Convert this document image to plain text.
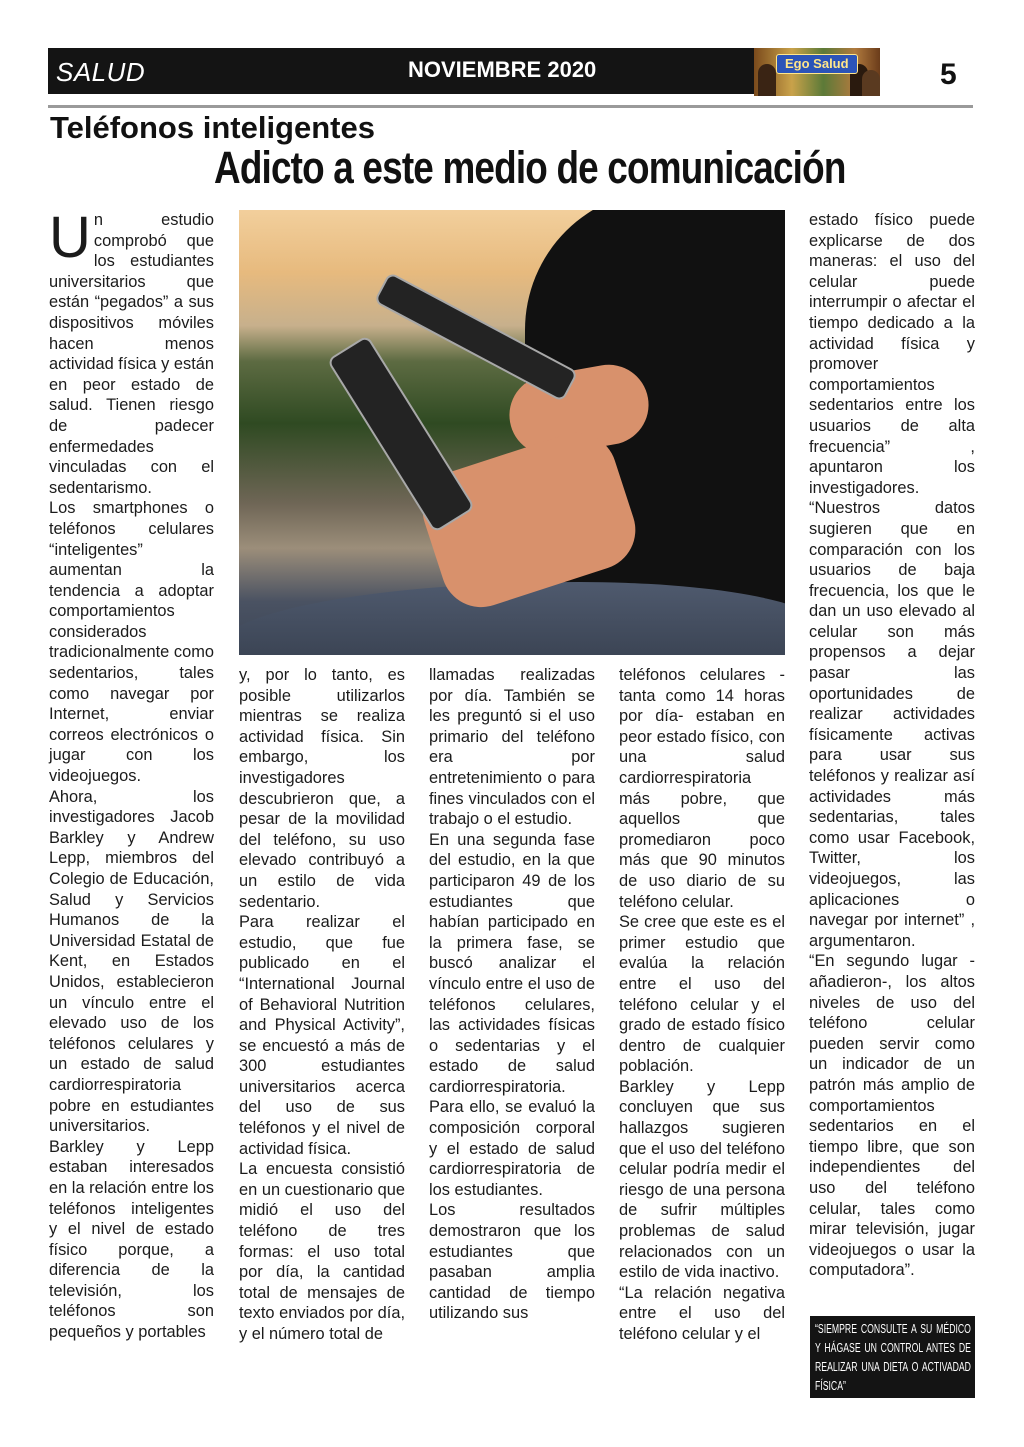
SALUD	NOVIEMBRE 2020	Ego Salud	5
Teléfonos inteligentes
Adicto a este medio de comunicación

Un estudio comprobó que los estudiantes universitarios que están “pegados” a sus dispositivos móviles hacen menos actividad física y están en peor estado de salud. Tienen riesgo de padecer enfermedades vinculadas con el sedentarismo.

Los smartphones o teléfonos celulares “inteligentes” aumentan la tendencia a adoptar comportamientos considerados tradicionalmente como sedentarios, tales como navegar por Internet, enviar correos electrónicos o jugar con los videojuegos.

Ahora, los investigadores Jacob Barkley y Andrew Lepp, miembros del Colegio de Educación, Salud y Servicios Humanos de la Universidad Estatal de Kent, en Estados Unidos, establecieron un vínculo entre el elevado uso de los teléfonos celulares y un estado de salud cardiorrespiratoria pobre en estudiantes universitarios.

Barkley y Lepp estaban interesados en la relación entre los teléfonos inteligentes y el nivel de estado físico porque, a diferencia de la televisión, los teléfonos son pequeños y portables

y, por lo tanto, es posible utilizarlos mientras se realiza actividad física. Sin embargo, los investigadores descubrieron que, a pesar de la movilidad del teléfono, su uso elevado contribuyó a un estilo de vida sedentario.

Para realizar el estudio, que fue publicado en el “International Journal of Behavioral Nutrition and Physical Activity”, se encuestó a más de 300 estudiantes universitarios acerca del uso de sus teléfonos y el nivel de actividad física.

La encuesta consistió en un cuestionario que midió el uso del teléfono de tres formas: el uso total por día, la cantidad total de mensajes de texto enviados por día, y el número total de

llamadas realizadas por día. También se les preguntó si el uso primario del teléfono era por entretenimiento o para fines vinculados con el trabajo o el estudio.

En una segunda fase del estudio, en la que participaron 49 de los estudiantes que habían participado en la primera fase, se buscó analizar el vínculo entre el uso de teléfonos celulares, las actividades físicas o sedentarias y el estado de salud cardiorrespiratoria. Para ello, se evaluó la composición corporal y el estado de salud cardiorrespiratoria de los estudiantes.

Los resultados demostraron que los estudiantes que pasaban amplia cantidad de tiempo utilizando sus

teléfonos celulares -tanta como 14 horas por día- estaban en peor estado físico, con una salud cardiorrespiratoria más pobre, que aquellos que promediaron poco más que 90 minutos de uso diario de su teléfono celular.

Se cree que este es el primer estudio que evalúa la relación entre el uso del teléfono celular y el grado de estado físico dentro de cualquier población.

Barkley y Lepp concluyen que sus hallazgos sugieren que el uso del teléfono celular podría medir el riesgo de una persona de sufrir múltiples problemas de salud relacionados con un estilo de vida inactivo.

“La relación negativa entre el uso del teléfono celular y el

estado físico puede explicarse de dos maneras: el uso del celular puede interrumpir o afectar el tiempo dedicado a la actividad física y promover comportamientos sedentarios entre los usuarios de alta frecuencia” , apuntaron los investigadores. “Nuestros datos sugieren que en comparación con los usuarios de baja frecuencia, los que le dan un uso elevado al celular son más propensos a dejar pasar las oportunidades de realizar actividades físicamente activas para usar sus teléfonos y realizar así actividades más sedentarias, tales como usar Facebook, Twitter, los videojuegos, las aplicaciones o navegar por internet” , argumentaron.

“En segundo lugar -añadieron-, los altos niveles de uso del teléfono celular pueden servir como un indicador de un patrón más amplio de comportamientos sedentarios en el tiempo libre, que son independientes del uso del teléfono celular, tales como mirar televisión, jugar videojuegos o usar la computadora”.

“SIEMPRE CONSULTE A SU MÉDICO Y HÁGASE UN CONTROL ANTES DE REALIZAR UNA DIETA O ACTIVADAD FÍSICA”
